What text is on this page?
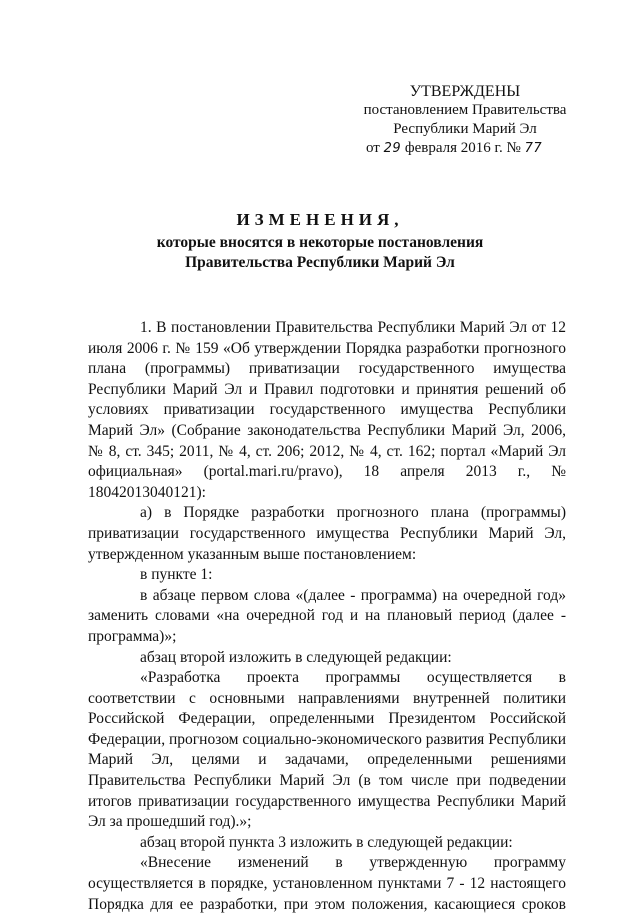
УТВЕРЖДЕНЫ
постановлением Правительства
Республики Марий Эл
от 29 февраля 2016 г. № 77
ИЗМЕНЕНИЯ,
которые вносятся в некоторые постановления
Правительства Республики Марий Эл

1. В постановлении Правительства Республики Марий Эл от 12 июля 2006 г. № 159 «Об утверждении Порядка разработки прогнозного плана (программы) приватизации государственного имущества Республики Марий Эл и Правил подготовки и принятия решений об условиях приватизации государственного имущества Республики Марий Эл» (Собрание законодательства Республики Марий Эл, 2006, № 8, ст. 345; 2011, № 4, ст. 206; 2012, № 4, ст. 162; портал «Марий Эл официальная» (portal.mari.ru/pravo), 18 апреля 2013 г., № 18042013040121):

а) в Порядке разработки прогнозного плана (программы) приватизации государственного имущества Республики Марий Эл, утвержденном указанным выше постановлением:

в пункте 1:

в абзаце первом слова «(далее - программа) на очередной год» заменить словами «на очередной год и на плановый период (далее - программа)»;

абзац второй изложить в следующей редакции:

«Разработка проекта программы осуществляется в соответствии с основными направлениями внутренней политики Российской Федерации, определенными Президентом Российской Федерации, прогнозом социально-экономического развития Республики Марий Эл, целями и задачами, определенными решениями Правительства Республики Марий Эл (в том числе при подведении итогов приватизации государственного имущества Республики Марий Эл за прошедший год).»;

абзац второй пункта 3 изложить в следующей редакции:

«Внесение изменений в утвержденную программу осуществляется в порядке, установленном пунктами 7 - 12 настоящего Порядка для ее разработки, при этом положения, касающиеся сроков
